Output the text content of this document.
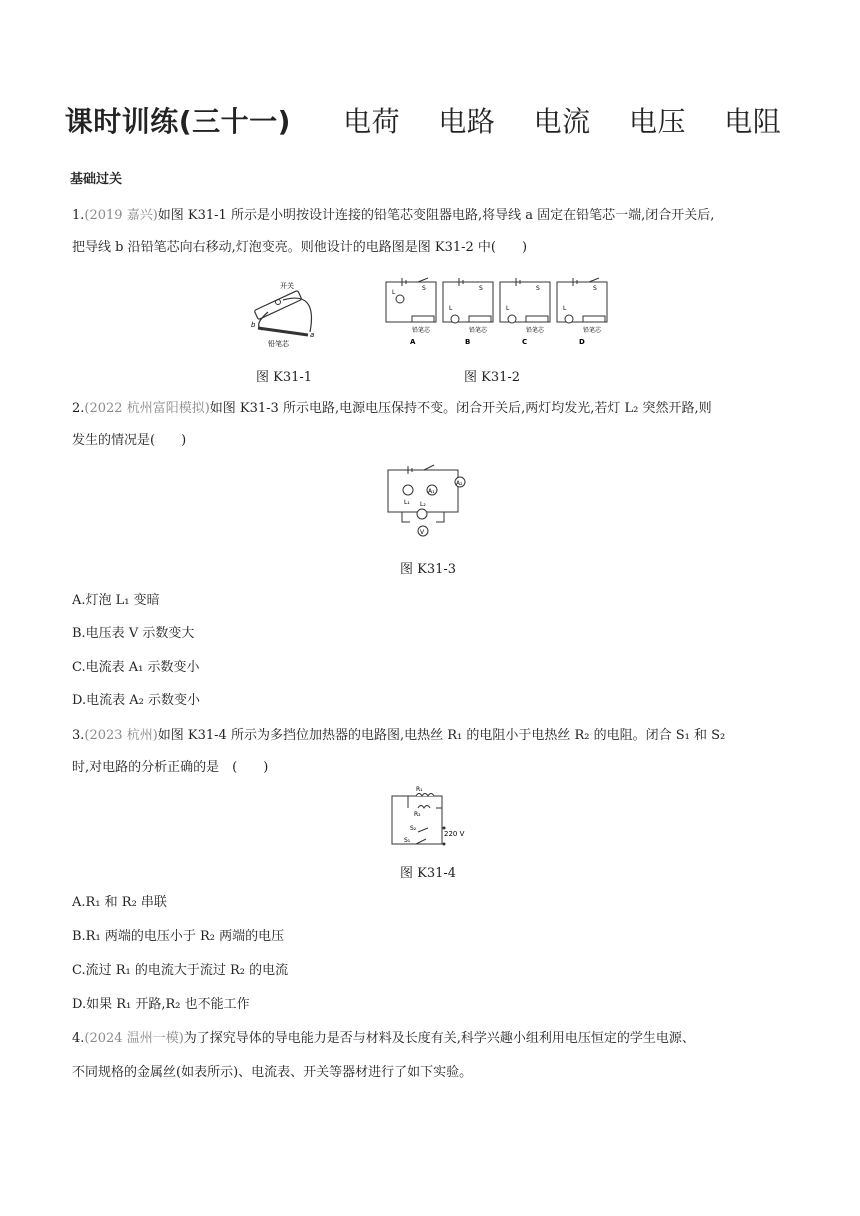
课时训练(三十一) 电荷 电路 电流 电压 电阻
基础过关
1.(2019 嘉兴)如图 K31-1 所示是小明按设计连接的铅笔芯变阻器电路,将导线 a 固定在铅笔芯一端,闭合开关后,
把导线 b 沿铅笔芯向右移动,灯泡变亮。则他设计的电路图是图 K31-2 中(　　)
开关
b
a
铅笔芯
L
S
铅笔芯
A
L
S
铅笔芯
B
L
S
铅笔芯
C
L
S
铅笔芯
D
图 K31-1	图 K31-2
2.(2022 杭州富阳模拟)如图 K31-3 所示电路,电源电压保持不变。闭合开关后,两灯均发光,若灯 L₂ 突然开路,则
发生的情况是(　　)
A₁
A₂
L₁ L₂
V
图 K31-3
A.灯泡 L₁ 变暗
B.电压表 V 示数变大
C.电流表 A₁ 示数变小
D.电流表 A₂ 示数变小
3.(2023 杭州)如图 K31-4 所示为多挡位加热器的电路图,电热丝 R₁ 的电阻小于电热丝 R₂ 的电阻。闭合 S₁ 和 S₂
时,对电路的分析正确的是　(　　)
R₁
R₂
S₂
S₁
220 V
图 K31-4
A.R₁ 和 R₂ 串联
B.R₁ 两端的电压小于 R₂ 两端的电压
C.流过 R₁ 的电流大于流过 R₂ 的电流
D.如果 R₁ 开路,R₂ 也不能工作
4.(2024 温州一模)为了探究导体的导电能力是否与材料及长度有关,科学兴趣小组利用电压恒定的学生电源、
不同规格的金属丝(如表所示)、电流表、开关等器材进行了如下实验。
